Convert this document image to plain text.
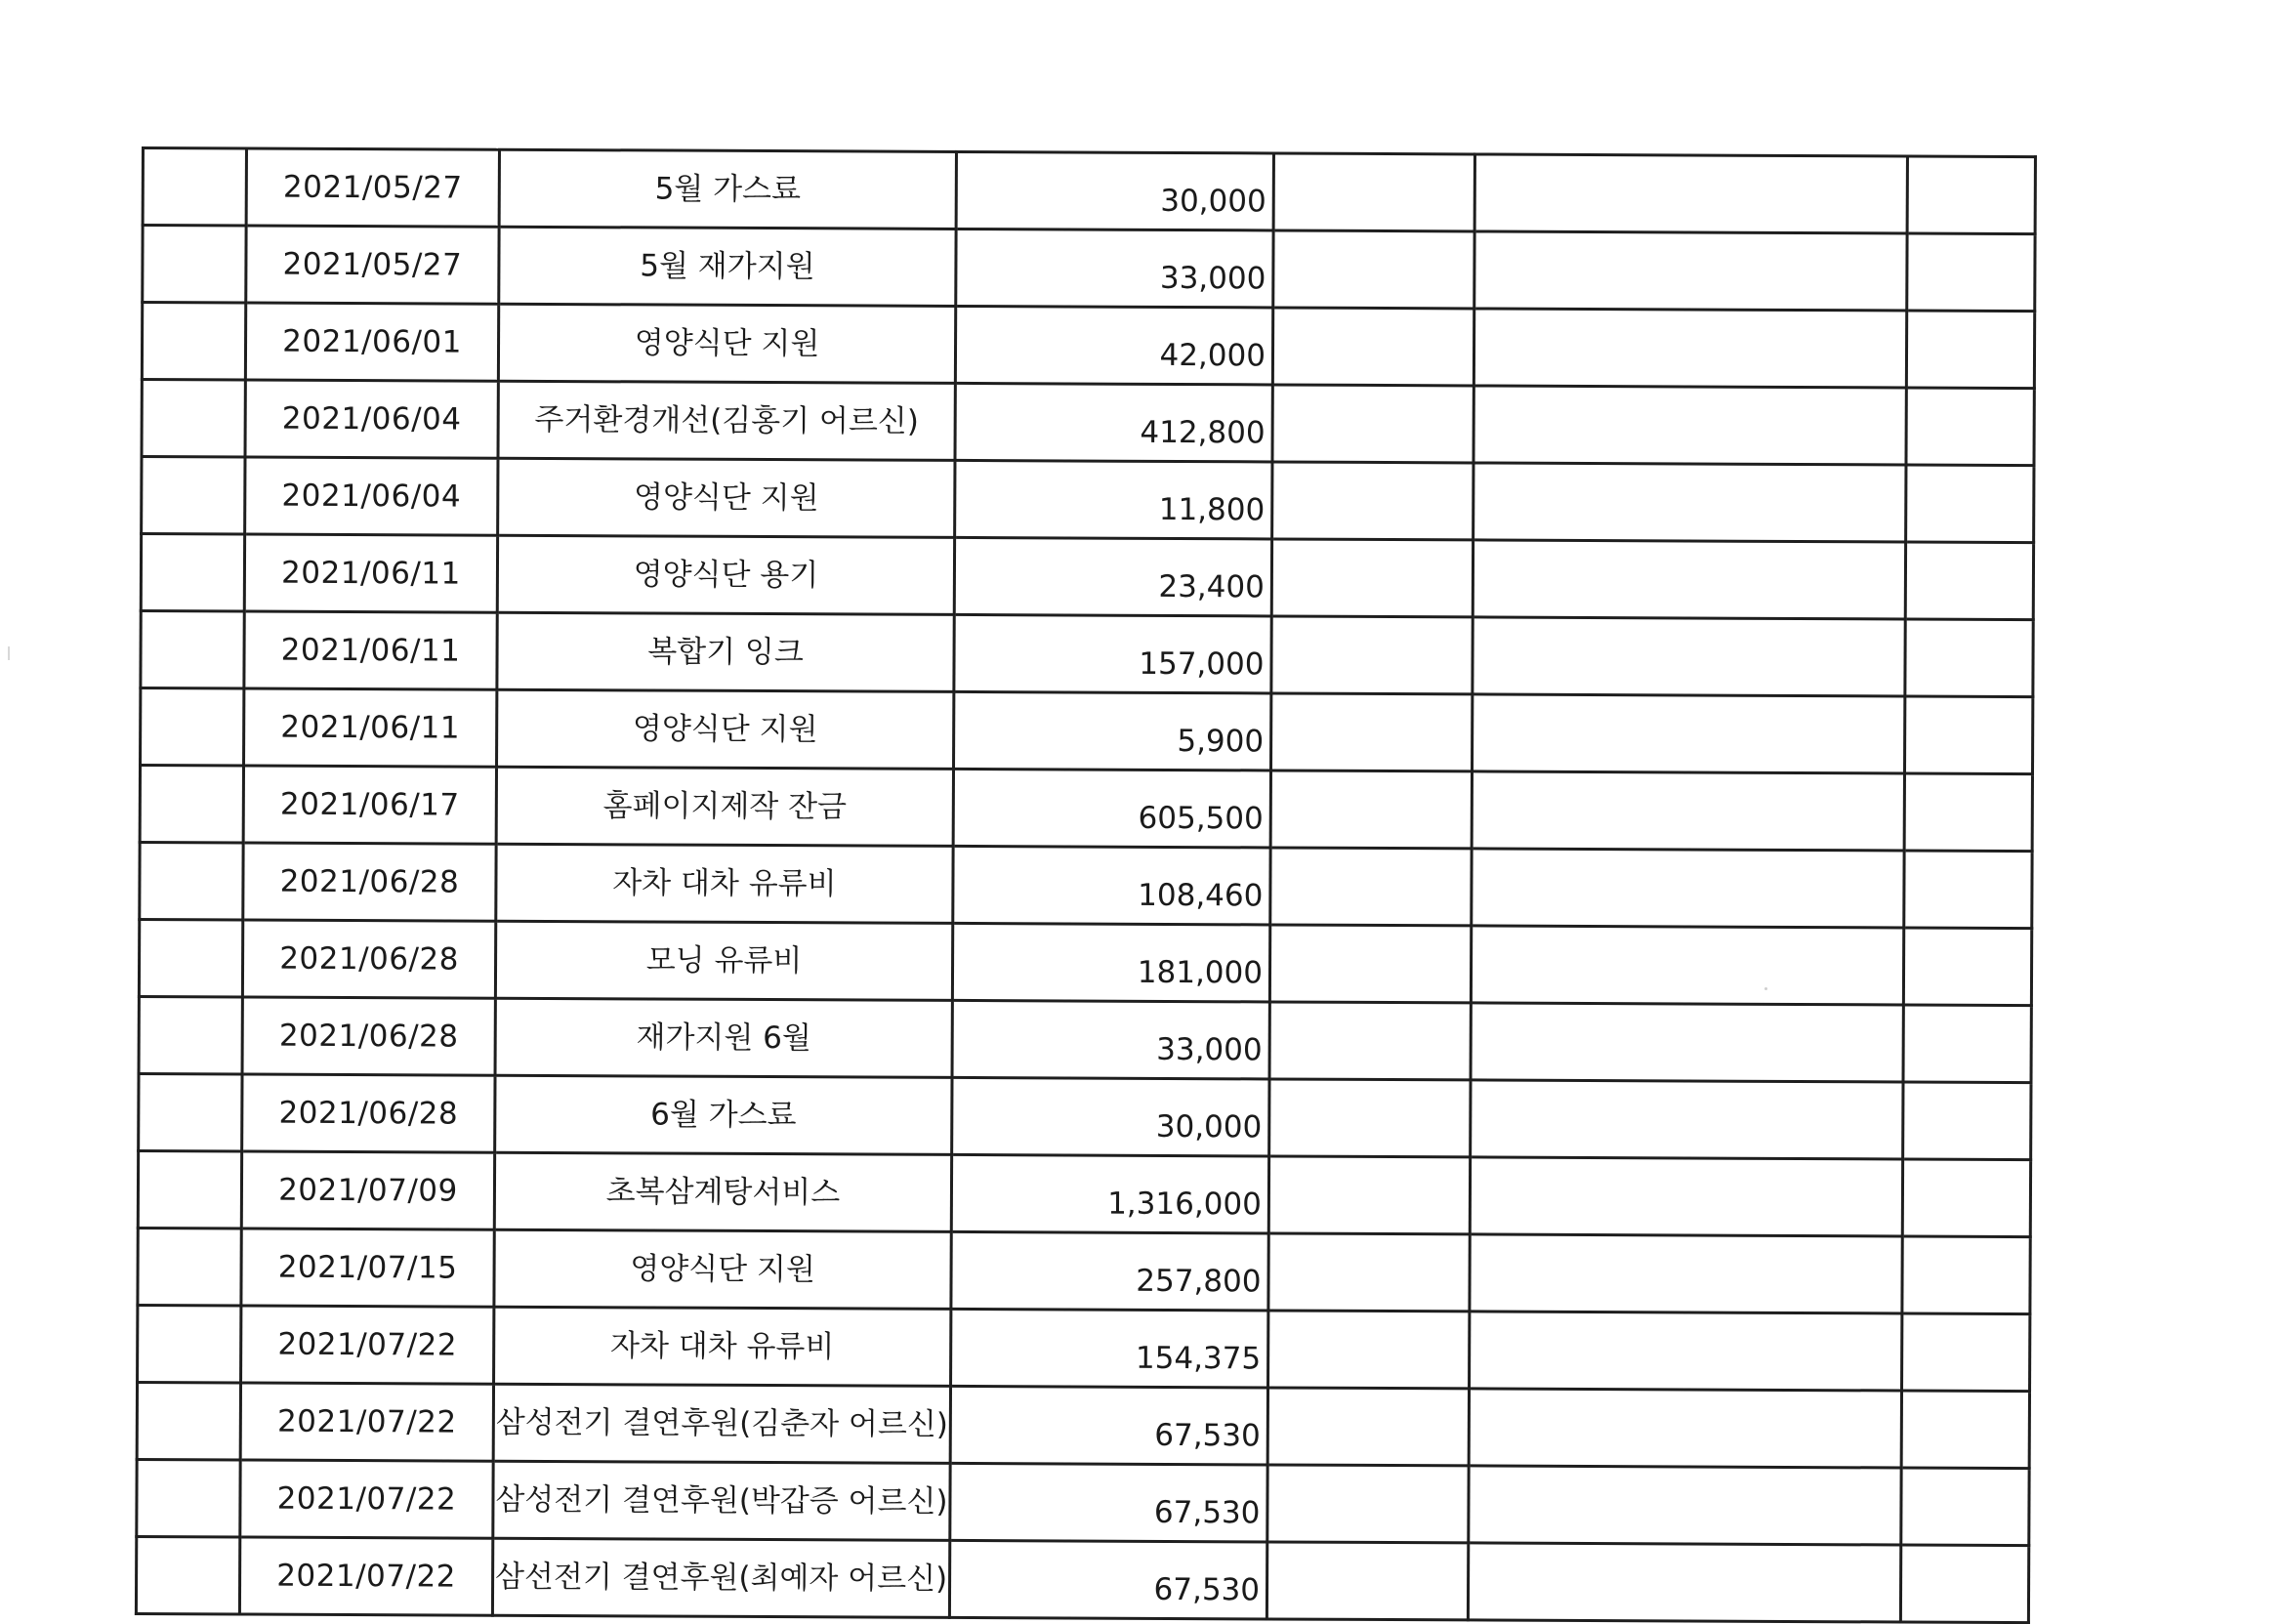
	2021/05/27	5월 가스료	30,000			
	2021/05/27	5월 재가지원	33,000			
	2021/06/01	영양식단 지원	42,000			
	2021/06/04	주거환경개선(김홍기 어르신)	412,800			
	2021/06/04	영양식단 지원	11,800			
	2021/06/11	영양식단 용기	23,400			
	2021/06/11	복합기 잉크	157,000			
	2021/06/11	영양식단 지원	5,900			
	2021/06/17	홈페이지제작 잔금	605,500			
	2021/06/28	자차 대차 유류비	108,460			
	2021/06/28	모닝 유류비	181,000			
	2021/06/28	재가지원 6월	33,000			
	2021/06/28	6월 가스료	30,000			
	2021/07/09	초복삼계탕서비스	1,316,000			
	2021/07/15	영양식단 지원	257,800			
	2021/07/22	자차 대차 유류비	154,375			
	2021/07/22	삼성전기 결연후원(김춘자 어르신)	67,530			
	2021/07/22	삼성전기 결연후원(박갑증 어르신)	67,530			
	2021/07/22	삼선전기 결연후원(최예자 어르신)	67,530			
